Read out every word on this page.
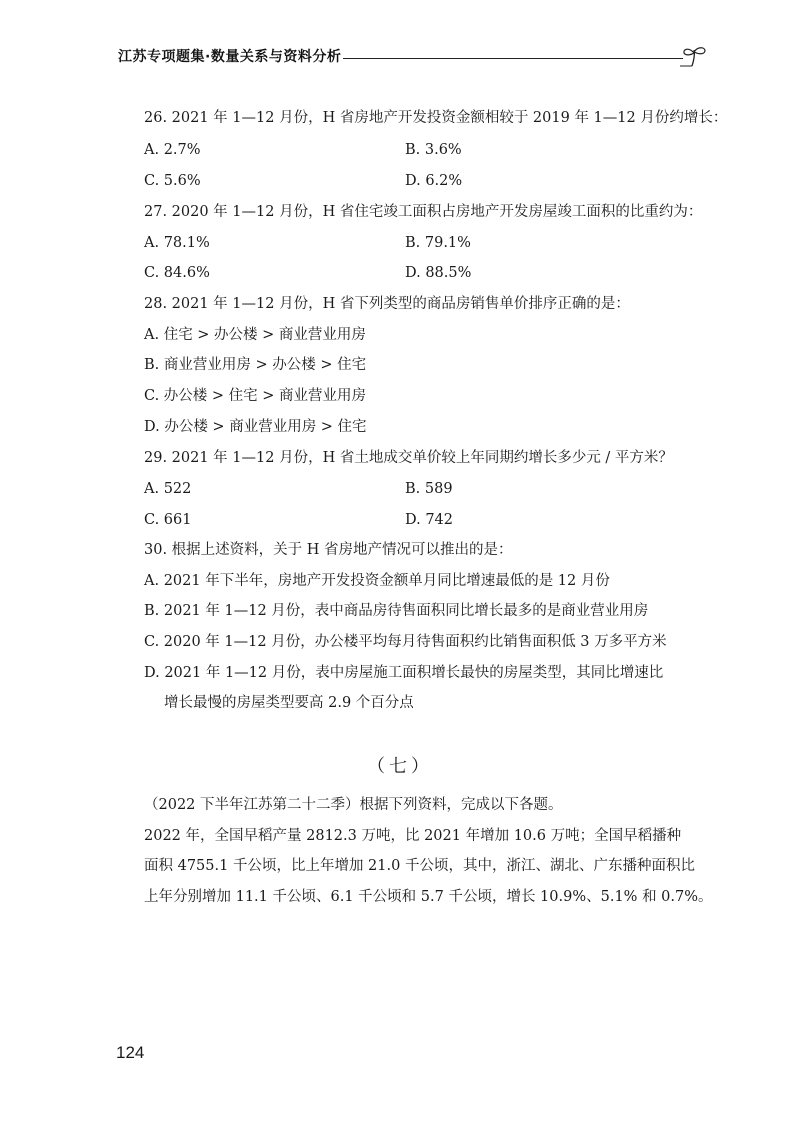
江苏专项题集·数量关系与资料分析
26. 2021 年 1—12 月份，H 省房地产开发投资金额相较于 2019 年 1—12 月份约增长：
A. 2.7%	B. 3.6%
C. 5.6%	D. 6.2%
27. 2020 年 1—12 月份，H 省住宅竣工面积占房地产开发房屋竣工面积的比重约为：
A. 78.1%	B. 79.1%
C. 84.6%	D. 88.5%
28. 2021 年 1—12 月份，H 省下列类型的商品房销售单价排序正确的是：
A. 住宅 > 办公楼 > 商业营业用房
B. 商业营业用房 > 办公楼 > 住宅
C. 办公楼 > 住宅 > 商业营业用房
D. 办公楼 > 商业营业用房 > 住宅
29. 2021 年 1—12 月份，H 省土地成交单价较上年同期约增长多少元 / 平方米？
A. 522	B. 589
C. 661	D. 742
30. 根据上述资料，关于 H 省房地产情况可以推出的是：
A. 2021 年下半年，房地产开发投资金额单月同比增速最低的是 12 月份
B. 2021 年 1—12 月份，表中商品房待售面积同比增长最多的是商业营业用房
C. 2020 年 1—12 月份，办公楼平均每月待售面积约比销售面积低 3 万多平方米
D. 2021 年 1—12 月份，表中房屋施工面积增长最快的房屋类型，其同比增速比
增长最慢的房屋类型要高 2.9 个百分点
（七）
（2022 下半年江苏第二十二季）根据下列资料，完成以下各题。
2022 年，全国早稻产量 2812.3 万吨，比 2021 年增加 10.6 万吨；全国早稻播种
面积 4755.1 千公顷，比上年增加 21.0 千公顷，其中，浙江、湖北、广东播种面积比
上年分别增加 11.1 千公顷、6.1 千公顷和 5.7 千公顷，增长 10.9%、5.1% 和 0.7%。
124
